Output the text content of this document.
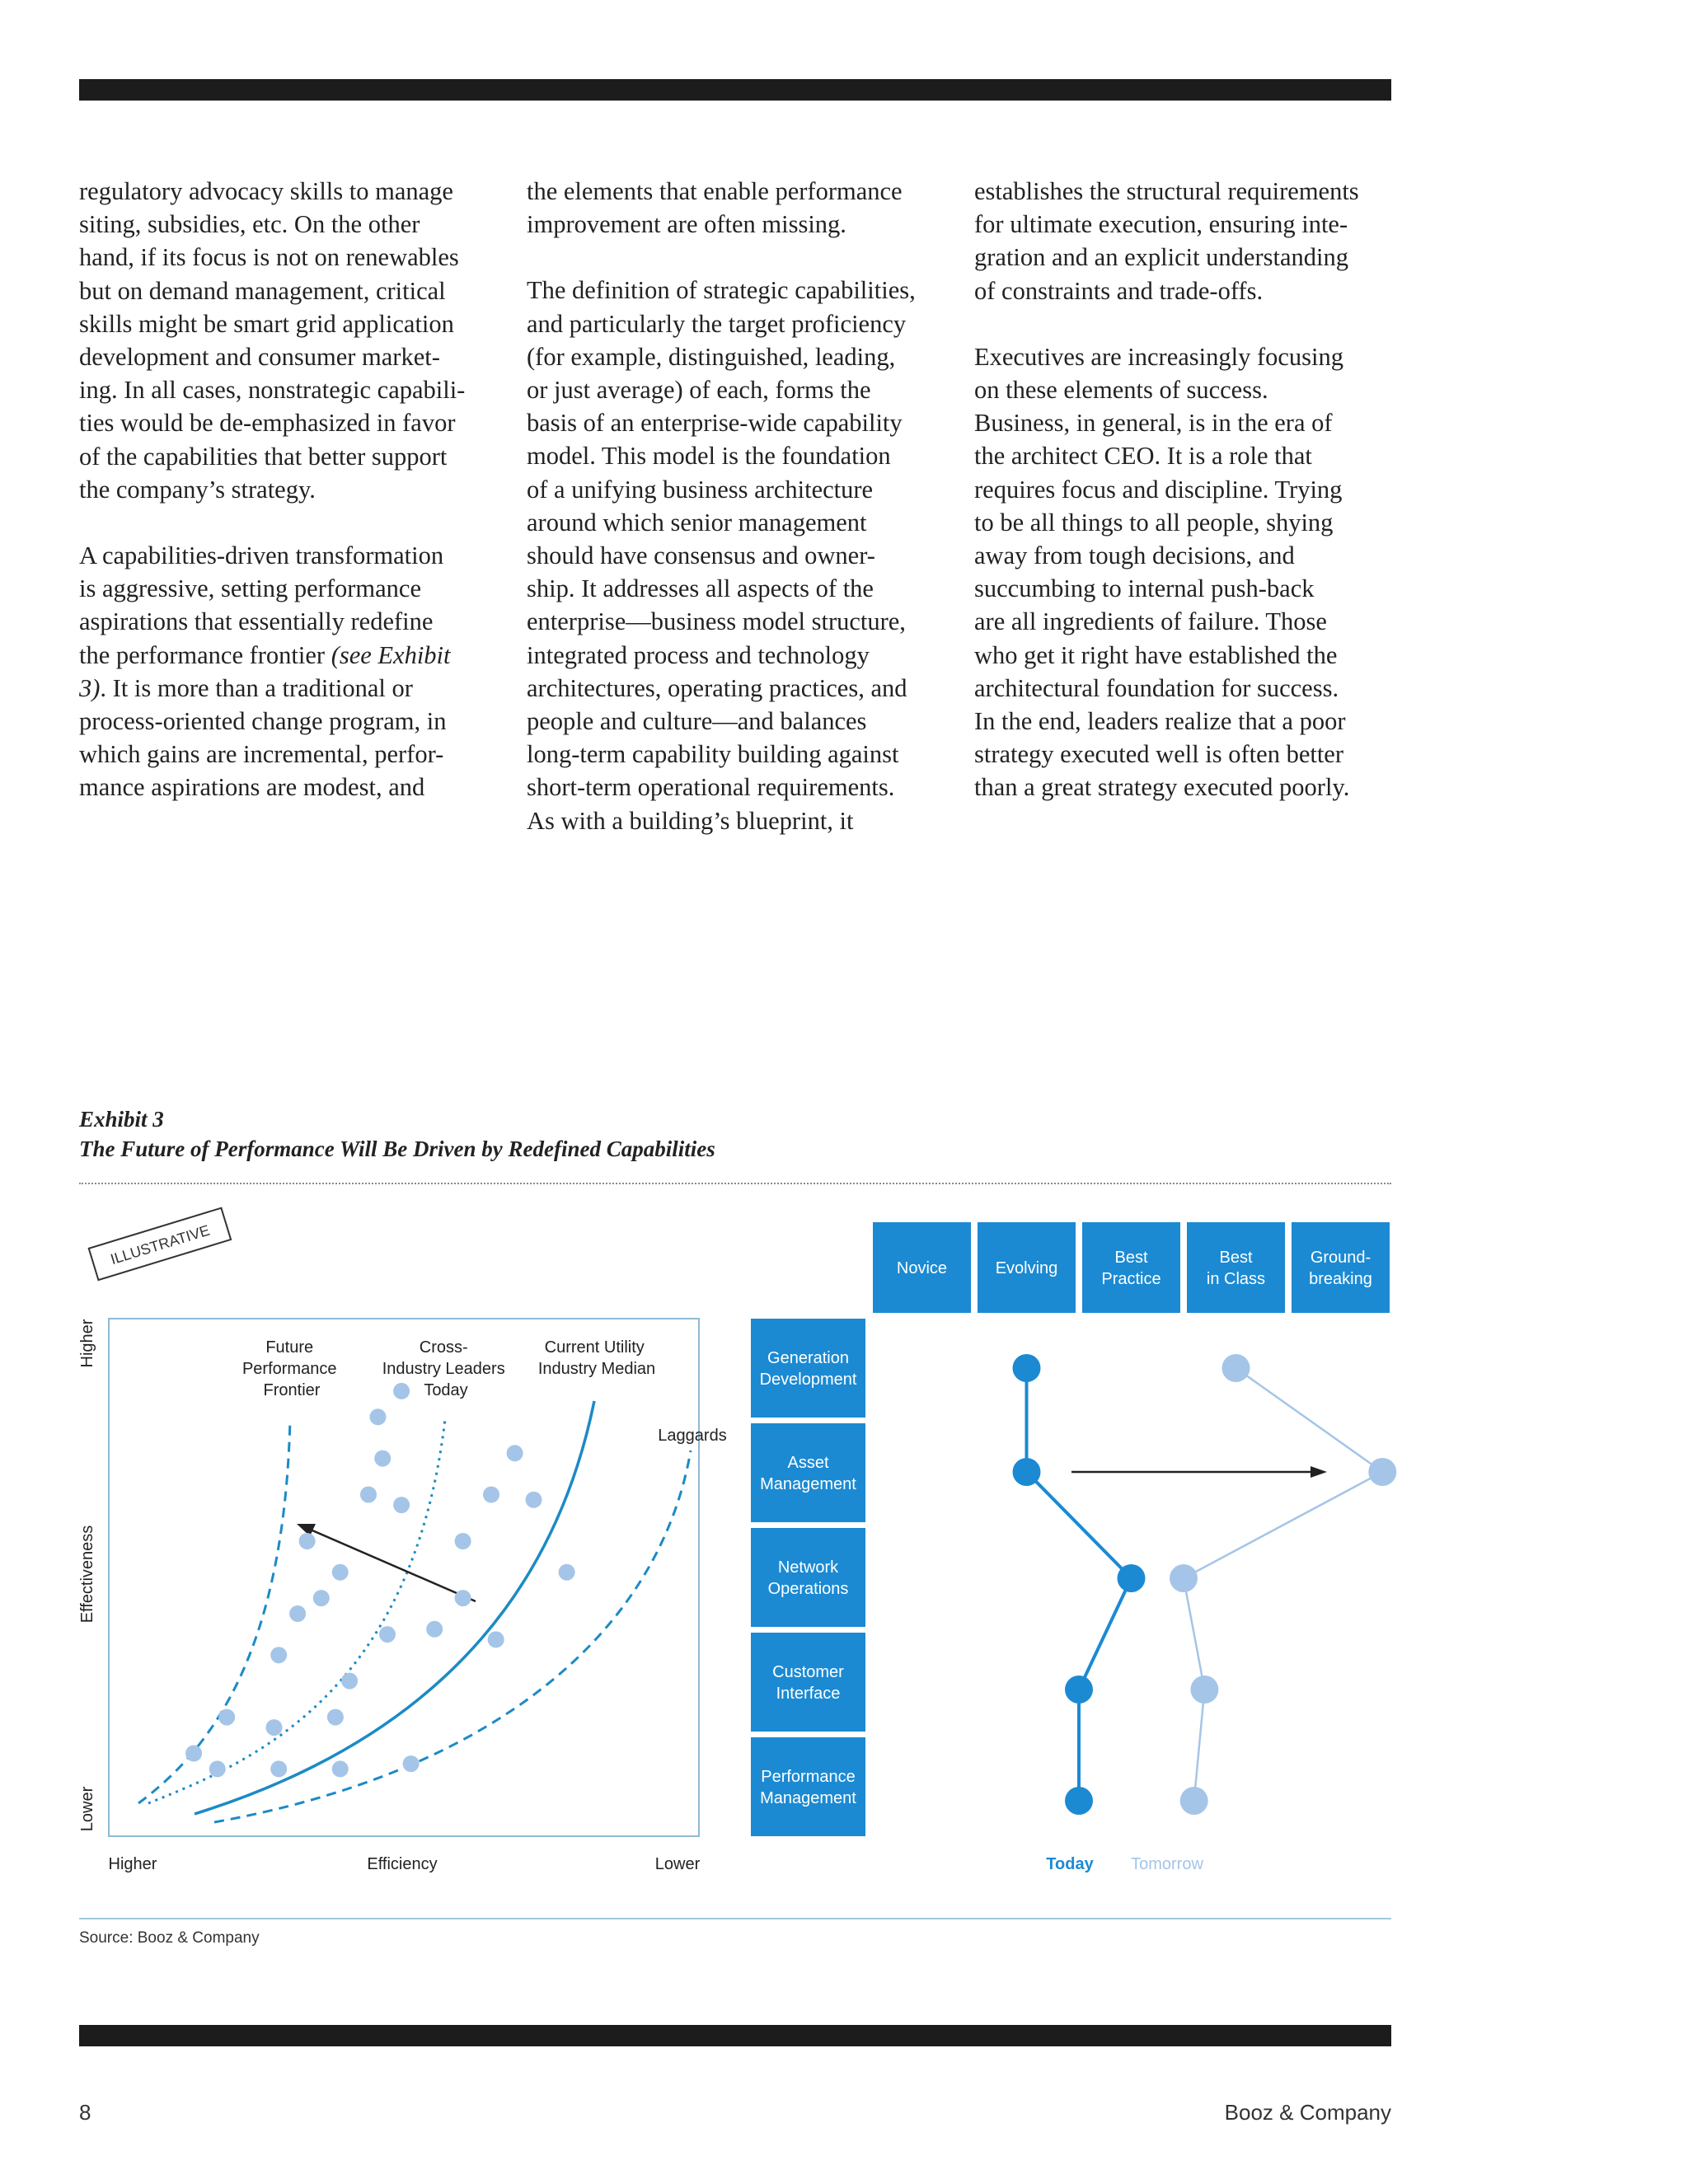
regulatory advocacy skills to manage
siting, subsidies, etc. On the other
hand, if its focus is not on renewables
but on demand management, critical
skills might be smart grid application
development and consumer market-
ing. In all cases, nonstrategic capabili-
ties would be de-emphasized in favor
of the capabilities that better support
the company’s strategy.

A capabilities-driven transformation
is aggressive, setting performance
aspirations that essentially redefine
the performance frontier (see Exhibit
3). It is more than a traditional or
process-oriented change program, in
which gains are incremental, perfor-
mance aspirations are modest, and

the elements that enable performance
improvement are often missing.

The definition of strategic capabilities,
and particularly the target proficiency
(for example, distinguished, leading,
or just average) of each, forms the
basis of an enterprise-wide capability
model. This model is the foundation
of a unifying business architecture
around which senior management
should have consensus and owner-
ship. It addresses all aspects of the
enterprise—business model structure,
integrated process and technology
architectures, operating practices, and
people and culture—and balances
long-term capability building against
short-term operational requirements.
As with a building’s blueprint, it

establishes the structural requirements
for ultimate execution, ensuring inte-
gration and an explicit understanding
of constraints and trade-offs.

Executives are increasingly focusing
on these elements of success.
Business, in general, is in the era of
the architect CEO. It is a role that
requires focus and discipline. Trying
to be all things to all people, shying
away from tough decisions, and
succumbing to internal push-back
are all ingredients of failure. Those
who get it right have established the
architectural foundation for success.
In the end, leaders realize that a poor
strategy executed well is often better
than a great strategy executed poorly.

Exhibit 3
The Future of Performance Will Be Driven by Redefined Capabilities
ILLUSTRATIVE
Future Performance Frontier
Cross- Industry Leaders Today
Current Utility Industry Median
Laggards
Higher	Efficiency	Lower
Lower
Effectiveness
Higher
Novice	Evolving
Best Practice
Best in Class
Ground-breaking
Generation Development
Asset Management
Network Operations
Customer Interface
Performance Management
Today Tomorrow
Source: Booz & Company
8	Booz & Company
